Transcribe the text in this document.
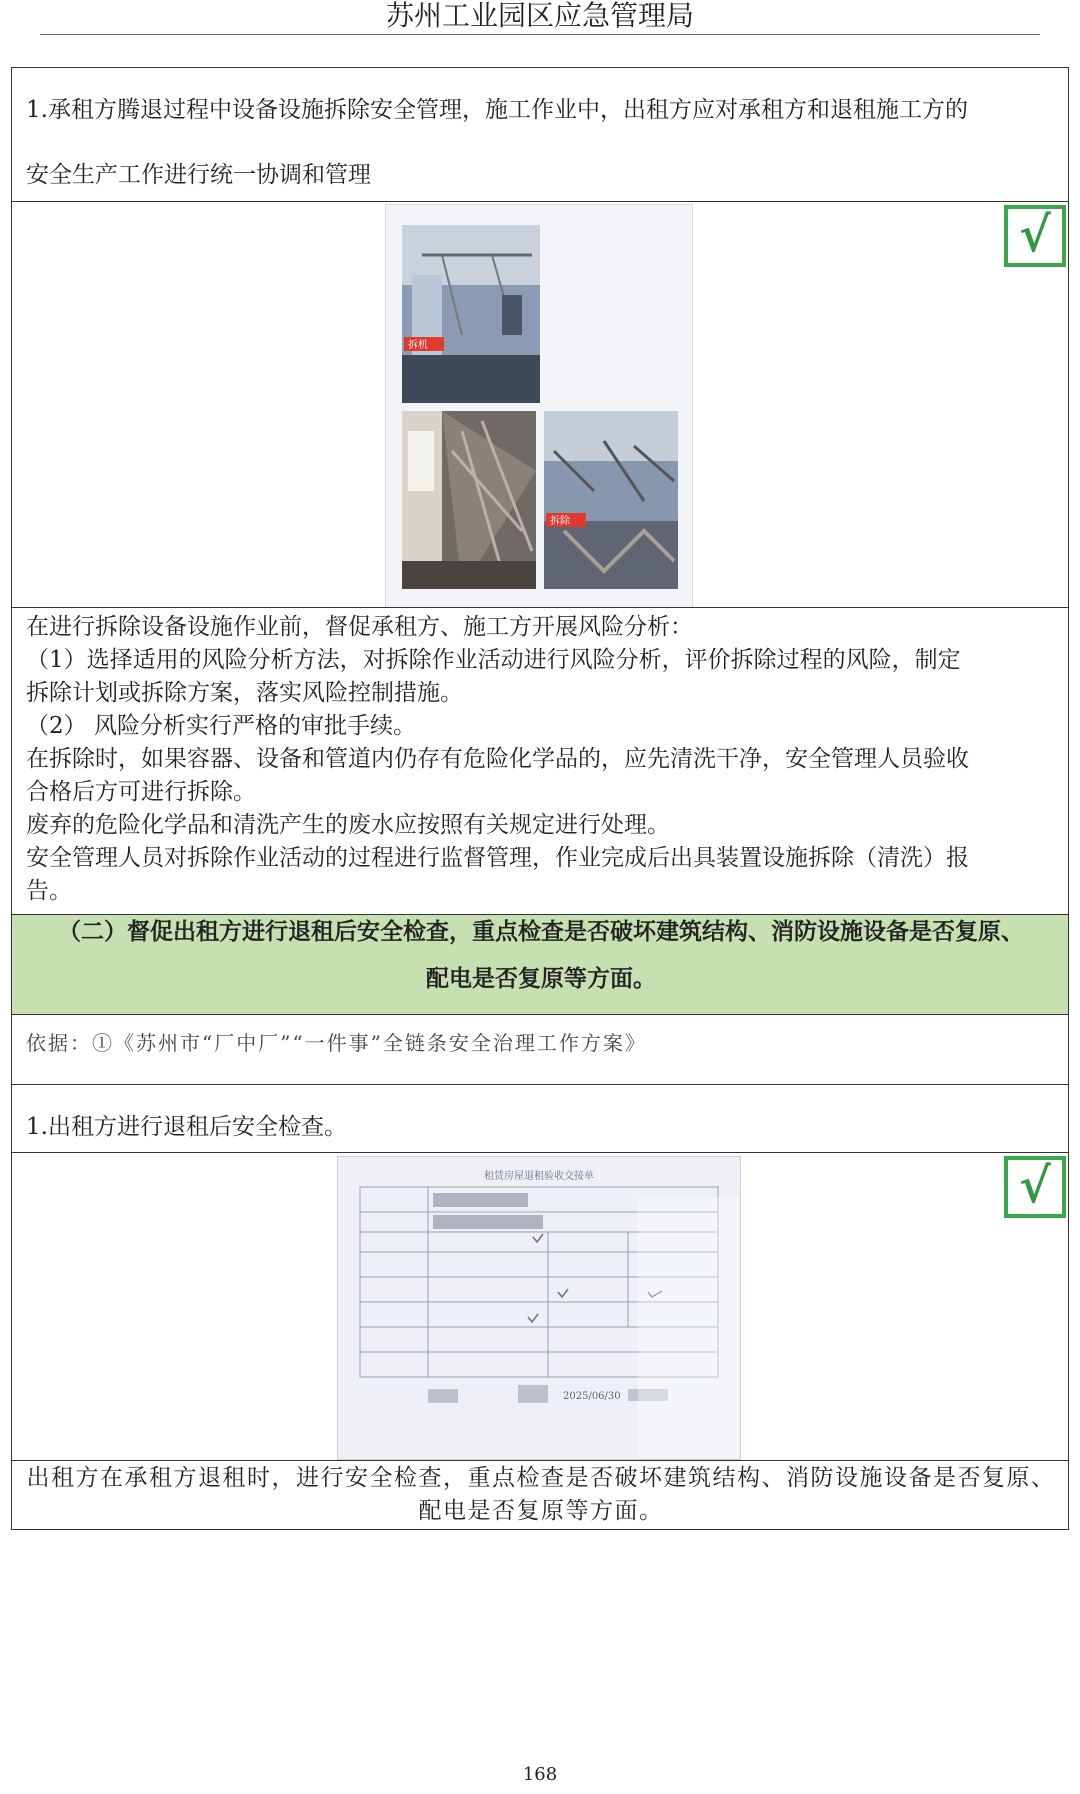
苏州工业园区应急管理局
1.承租方腾退过程中设备设施拆除安全管理，施工作业中，出租方应对承租方和退租施工方的
安全生产工作进行统一协调和管理
√
拆机
拆除
在进行拆除设备设施作业前，督促承租方、施工方开展风险分析：
（1）选择适用的风险分析方法，对拆除作业活动进行风险分析，评价拆除过程的风险，制定
拆除计划或拆除方案，落实风险控制措施。
（2） 风险分析实行严格的审批手续。
在拆除时，如果容器、设备和管道内仍存有危险化学品的，应先清洗干净，安全管理人员验收
合格后方可进行拆除。
废弃的危险化学品和清洗产生的废水应按照有关规定进行处理。
安全管理人员对拆除作业活动的过程进行监督管理，作业完成后出具装置设施拆除（清洗）报
告。
（二）督促出租方进行退租后安全检查，重点检查是否破坏建筑结构、消防设施设备是否复原、
配电是否复原等方面。
依据：①《苏州市“厂中厂”“一件事”全链条安全治理工作方案》
1.出租方进行退租后安全检查。
√
租赁房屋退租验收交接单
2025/06/30
出租方在承租方退租时，进行安全检查，重点检查是否破坏建筑结构、消防设施设备是否复原、
配电是否复原等方面。
168
